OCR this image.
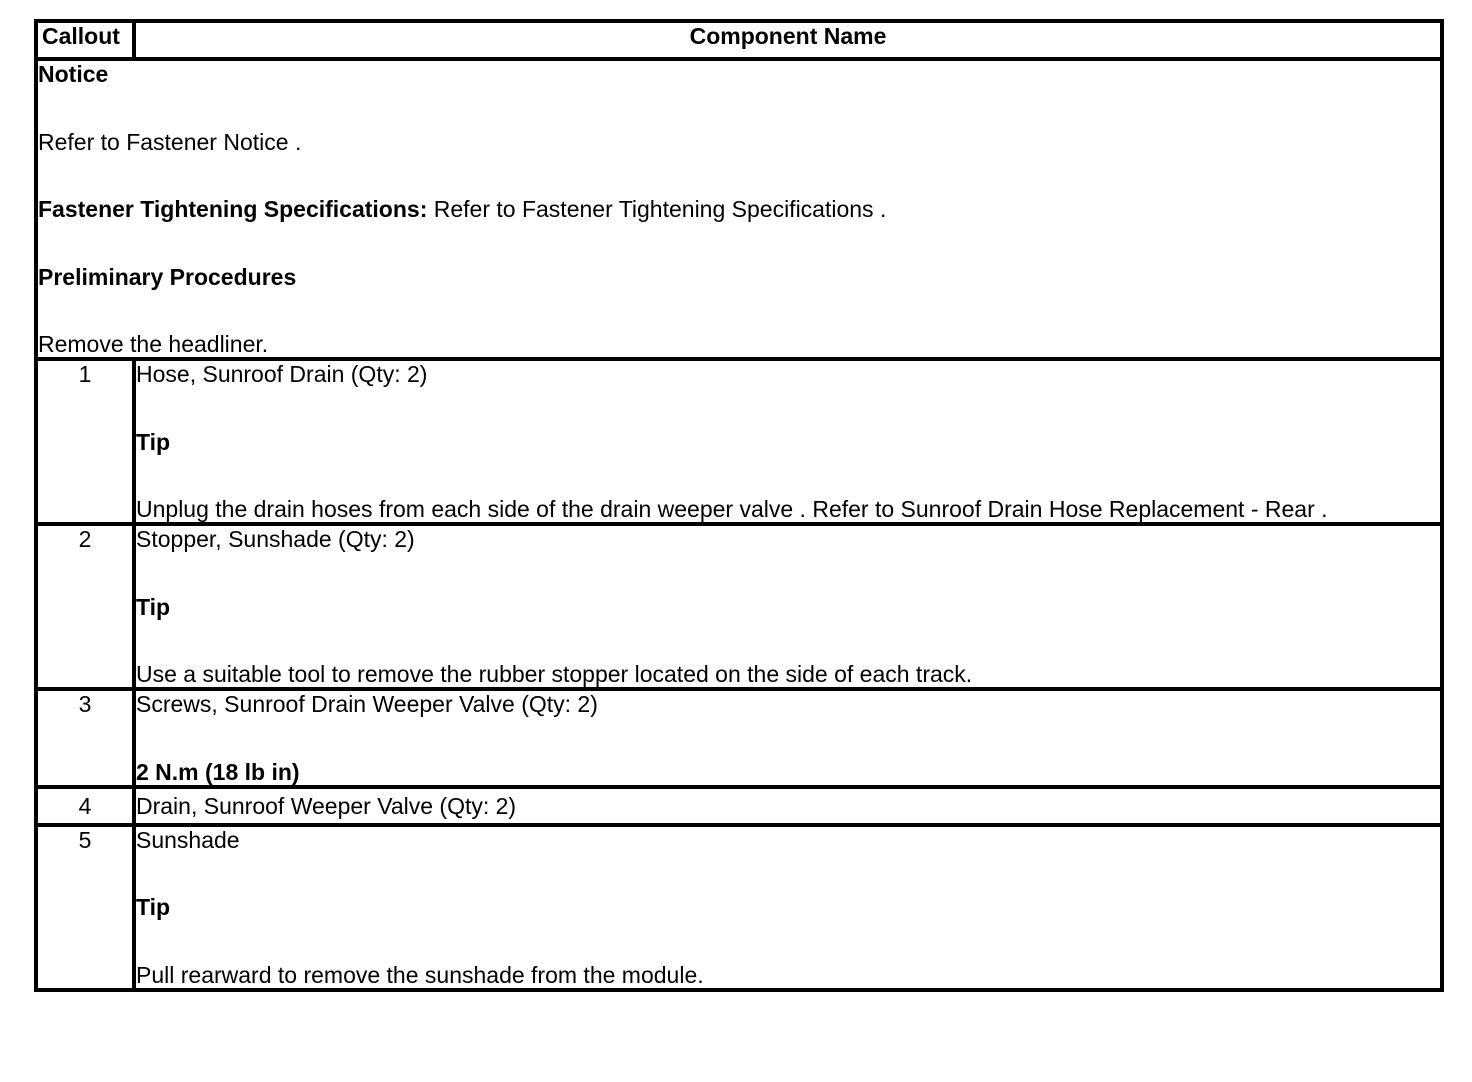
Callout	Component Name

Notice

Refer to Fastener Notice .

Fastener Tightening Specifications: Refer to Fastener Tightening Specifications .

Preliminary Procedures

Remove the headliner.	

1	Hose, Sunroof Drain (Qty: 2)

Tip

Unplug the drain hoses from each side of the drain weeper valve . Refer to Sunroof Drain Hose Replacement - Rear .

2	Stopper, Sunshade (Qty: 2)

Tip

Use a suitable tool to remove the rubber stopper located on the side of each track.

3	Screws, Sunroof Drain Weeper Valve (Qty: 2)

2 N.m (18 lb in)

4	Drain, Sunroof Weeper Valve (Qty: 2)

5	Sunshade

Tip

Pull rearward to remove the sunshade from the module.
